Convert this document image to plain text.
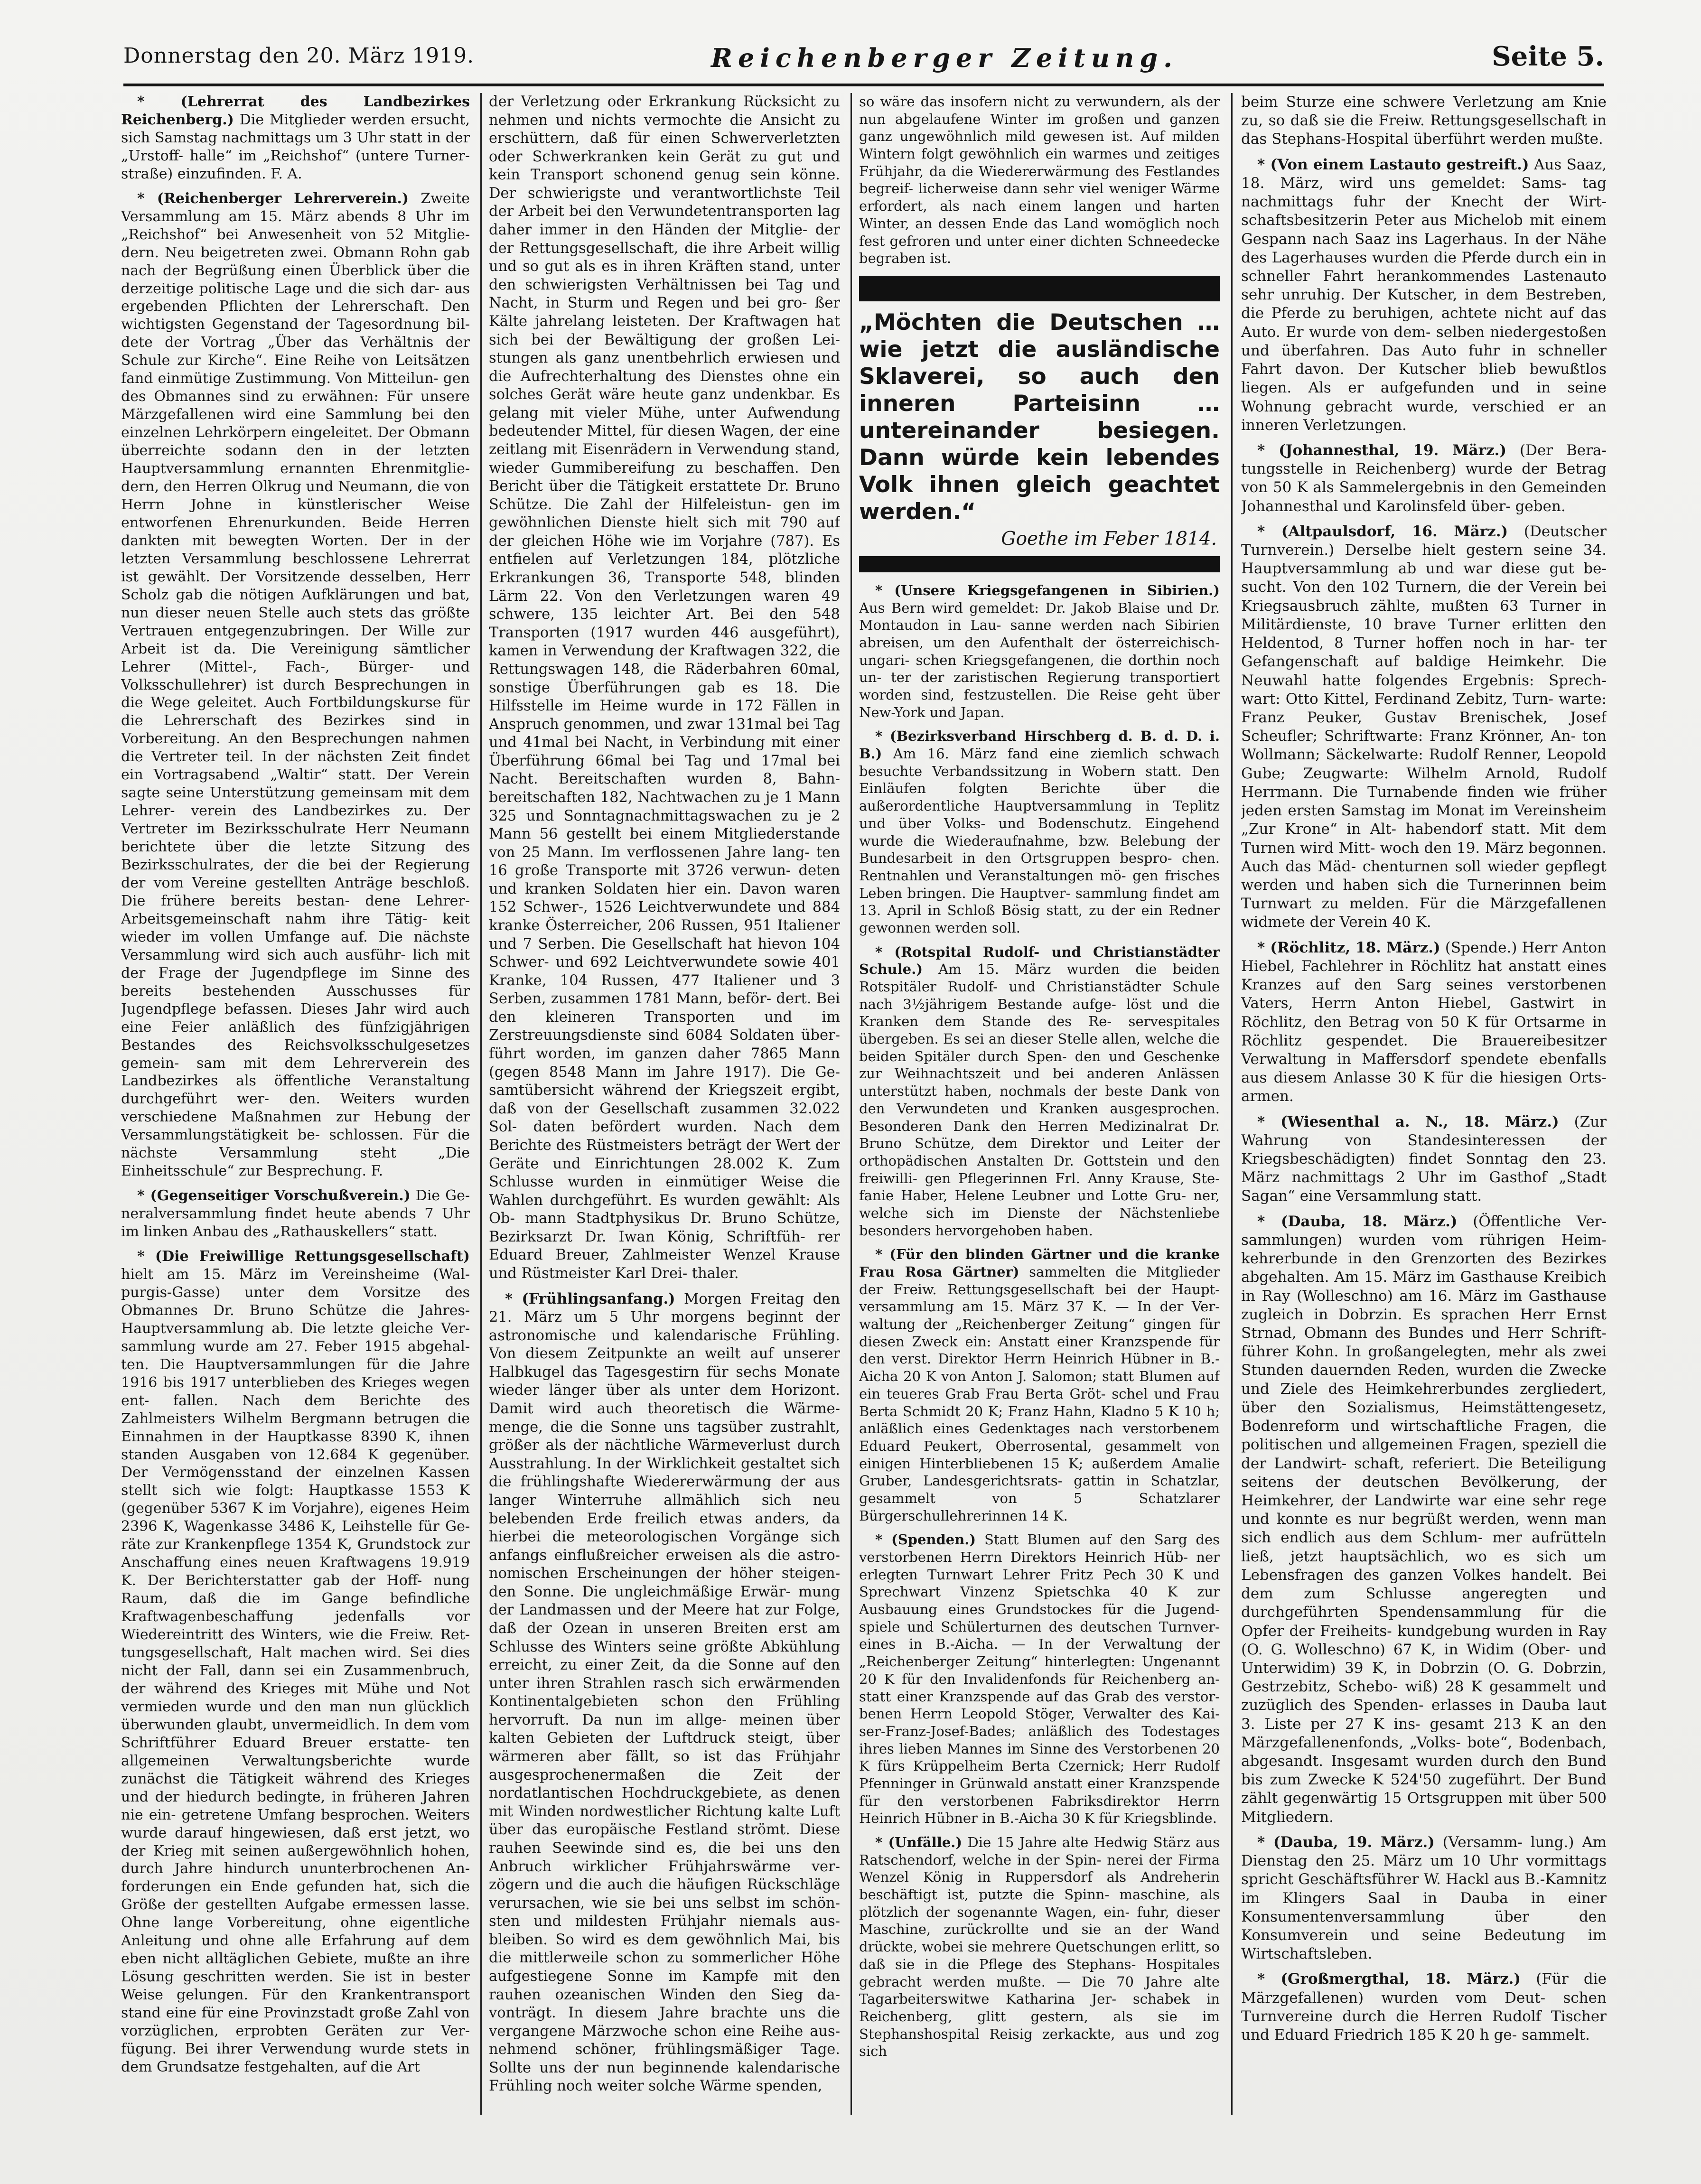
Donnerstag den 20. März 1919.	Reichenberger Zeitung.	Seite 5.

* (Lehrerrat des Landbezirkes Reichenberg.) Die Mitglieder werden ersucht, sich Samstag nachmittags um 3 Uhr statt in der „Urstoff- halle“ im „Reichshof“ (untere Turner- straße) einzufinden. F. A.

* (Reichenberger Lehrerverein.) Zweite Versammlung am 15. März abends 8 Uhr im „Reichshof“ bei Anwesenheit von 52 Mitglie- dern. Neu beigetreten zwei. Obmann Rohn gab nach der Begrüßung einen Überblick über die derzeitige politische Lage und die sich dar- aus ergebenden Pflichten der Lehrerschaft. Den wichtigsten Gegenstand der Tagesordnung bil- dete der Vortrag „Über das Verhältnis der Schule zur Kirche“. Eine Reihe von Leitsätzen fand einmütige Zustimmung. Von Mitteilun- gen des Obmannes sind zu erwähnen: Für unsere Märzgefallenen wird eine Sammlung bei den einzelnen Lehrkörpern eingeleitet. Der Obmann überreichte sodann den in der letzten Hauptversammlung ernannten Ehrenmitglie- dern, den Herren Olkrug und Neumann, die von Herrn Johne in künstlerischer Weise entworfenen Ehrenurkunden. Beide Herren dankten mit bewegten Worten. Der in der letzten Versammlung beschlossene Lehrerrat ist gewählt. Der Vorsitzende desselben, Herr Scholz gab die nötigen Aufklärungen und bat, nun dieser neuen Stelle auch stets das größte Vertrauen entgegenzubringen. Der Wille zur Arbeit ist da. Die Vereinigung sämtlicher Lehrer (Mittel-, Fach-, Bürger- und Volksschullehrer) ist durch Besprechungen in die Wege geleitet. Auch Fortbildungskurse für die Lehrerschaft des Bezirkes sind in Vorbereitung. An den Besprechungen nahmen die Vertreter teil. In der nächsten Zeit findet ein Vortragsabend „Waltir“ statt. Der Verein sagte seine Unterstützung gemeinsam mit dem Lehrer- verein des Landbezirkes zu. Der Vertreter im Bezirksschulrate Herr Neumann berichtete über die letzte Sitzung des Bezirksschulrates, der die bei der Regierung der vom Vereine gestellten Anträge beschloß. Die frühere bereits bestan- dene Lehrer-Arbeitsgemeinschaft nahm ihre Tätig- keit wieder im vollen Umfange auf. Die nächste Versammlung wird sich auch ausführ- lich mit der Frage der Jugendpflege im Sinne des bereits bestehenden Ausschusses für Jugendpflege befassen. Dieses Jahr wird auch eine Feier anläßlich des fünfzigjährigen Bestandes des Reichsvolksschulgesetzes gemein- sam mit dem Lehrerverein des Landbezirkes als öffentliche Veranstaltung durchgeführt wer- den. Weiters wurden verschiedene Maßnahmen zur Hebung der Versammlungstätigkeit be- schlossen. Für die nächste Versammlung steht „Die Einheitsschule“ zur Besprechung. F.

* (Gegenseitiger Vorschußverein.) Die Ge- neralversammlung findet heute abends 7 Uhr im linken Anbau des „Rathauskellers“ statt.

* (Die Freiwillige Rettungsgesellschaft) hielt am 15. März im Vereinsheime (Wal- purgis-Gasse) unter dem Vorsitze des Obmannes Dr. Bruno Schütze die Jahres- Hauptversammlung ab. Die letzte gleiche Ver- sammlung wurde am 27. Feber 1915 abgehal- ten. Die Hauptversammlungen für die Jahre 1916 bis 1917 unterblieben des Krieges wegen ent- fallen. Nach dem Berichte des Zahlmeisters Wilhelm Bergmann betrugen die Einnahmen in der Hauptkasse 8390 K, ihnen standen Ausgaben von 12.684 K gegenüber. Der Vermögensstand der einzelnen Kassen stellt sich wie folgt: Hauptkasse 1553 K (gegenüber 5367 K im Vorjahre), eigenes Heim 2396 K, Wagenkasse 3486 K, Leihstelle für Ge- räte zur Krankenpflege 1354 K, Grundstock zur Anschaffung eines neuen Kraftwagens 19.919 K. Der Berichterstatter gab der Hoff- nung Raum, daß die im Gange befindliche Kraftwagenbeschaffung jedenfalls vor Wiedereintritt des Winters, wie die Freiw. Ret- tungsgesellschaft, Halt machen wird. Sei dies nicht der Fall, dann sei ein Zusammenbruch, der während des Krieges mit Mühe und Not vermieden wurde und den man nun glücklich überwunden glaubt, unvermeidlich. In dem vom Schriftführer Eduard Breuer erstatte- ten allgemeinen Verwaltungsberichte wurde zunächst die Tätigkeit während des Krieges und der hiedurch bedingte, in früheren Jahren nie ein- getretene Umfang besprochen. Weiters wurde darauf hingewiesen, daß erst jetzt, wo der Krieg mit seinen außergewöhnlich hohen, durch Jahre hindurch ununterbrochenen An- forderungen ein Ende gefunden hat, sich die Größe der gestellten Aufgabe ermessen lasse. Ohne lange Vorbereitung, ohne eigentliche Anleitung und ohne alle Erfahrung auf dem eben nicht alltäglichen Gebiete, mußte an ihre Lösung geschritten werden. Sie ist in bester Weise gelungen. Für den Krankentransport stand eine für eine Provinzstadt große Zahl von vorzüglichen, erprobten Geräten zur Ver- fügung. Bei ihrer Verwendung wurde stets in dem Grundsatze festgehalten, auf die Art

der Verletzung oder Erkrankung Rücksicht zu nehmen und nichts vermochte die Ansicht zu erschüttern, daß für einen Schwerverletzten oder Schwerkranken kein Gerät zu gut und kein Transport schonend genug sein könne. Der schwierigste und verantwortlichste Teil der Arbeit bei den Verwundetentransporten lag daher immer in den Händen der Mitglie- der der Rettungsgesellschaft, die ihre Arbeit willig und so gut als es in ihren Kräften stand, unter den schwierigsten Verhältnissen bei Tag und Nacht, in Sturm und Regen und bei gro- ßer Kälte jahrelang leisteten. Der Kraftwagen hat sich bei der Bewältigung der großen Lei- stungen als ganz unentbehrlich erwiesen und die Aufrechterhaltung des Dienstes ohne ein solches Gerät wäre heute ganz undenkbar. Es gelang mit vieler Mühe, unter Aufwendung bedeutender Mittel, für diesen Wagen, der eine zeitlang mit Eisenrädern in Verwendung stand, wieder Gummibereifung zu beschaffen. Den Bericht über die Tätigkeit erstattete Dr. Bruno Schütze. Die Zahl der Hilfeleistun- gen im gewöhnlichen Dienste hielt sich mit 790 auf der gleichen Höhe wie im Vorjahre (787). Es entfielen auf Verletzungen 184, plötzliche Erkrankungen 36, Transporte 548, blinden Lärm 22. Von den Verletzungen waren 49 schwere, 135 leichter Art. Bei den 548 Transporten (1917 wurden 446 ausgeführt), kamen in Verwendung der Kraftwagen 322, die Rettungswagen 148, die Räderbahren 60mal, sonstige Überführungen gab es 18. Die Hilfsstelle im Heime wurde in 172 Fällen in Anspruch genommen, und zwar 131mal bei Tag und 41mal bei Nacht, in Verbindung mit einer Überführung 66mal bei Tag und 17mal bei Nacht. Bereitschaften wurden 8, Bahn- bereitschaften 182, Nachtwachen zu je 1 Mann 325 und Sonntagnachmittagswachen zu je 2 Mann 56 gestellt bei einem Mitgliederstande von 25 Mann. Im verflossenen Jahre lang- ten 16 große Transporte mit 3726 verwun- deten und kranken Soldaten hier ein. Davon waren 152 Schwer-, 1526 Leichtverwundete und 884 kranke Österreicher, 206 Russen, 951 Italiener und 7 Serben. Die Gesellschaft hat hievon 104 Schwer- und 692 Leichtverwundete sowie 401 Kranke, 104 Russen, 477 Italiener und 3 Serben, zusammen 1781 Mann, beför- dert. Bei den kleineren Transporten und im Zerstreuungsdienste sind 6084 Soldaten über- führt worden, im ganzen daher 7865 Mann (gegen 8548 Mann im Jahre 1917). Die Ge- samtübersicht während der Kriegszeit ergibt, daß von der Gesellschaft zusammen 32.022 Sol- daten befördert wurden. Nach dem Berichte des Rüstmeisters beträgt der Wert der Geräte und Einrichtungen 28.002 K. Zum Schlusse wurden in einmütiger Weise die Wahlen durchgeführt. Es wurden gewählt: Als Ob- mann Stadtphysikus Dr. Bruno Schütze, Bezirksarzt Dr. Iwan König, Schriftfüh- rer Eduard Breuer, Zahlmeister Wenzel Krause und Rüstmeister Karl Drei- thaler.

* (Frühlingsanfang.) Morgen Freitag den 21. März um 5 Uhr morgens beginnt der astronomische und kalendarische Frühling. Von diesem Zeitpunkte an weilt auf unserer Halbkugel das Tagesgestirn für sechs Monate wieder länger über als unter dem Horizont. Damit wird auch theoretisch die Wärme- menge, die die Sonne uns tagsüber zustrahlt, größer als der nächtliche Wärmeverlust durch Ausstrahlung. In der Wirklichkeit gestaltet sich die frühlingshafte Wiedererwärmung der aus langer Winterruhe allmählich sich neu belebenden Erde freilich etwas anders, da hierbei die meteorologischen Vorgänge sich anfangs einflußreicher erweisen als die astro- nomischen Erscheinungen der höher steigen- den Sonne. Die ungleichmäßige Erwär- mung der Landmassen und der Meere hat zur Folge, daß der Ozean in unseren Breiten erst am Schlusse des Winters seine größte Abkühlung erreicht, zu einer Zeit, da die Sonne auf den unter ihren Strahlen rasch sich erwärmenden Kontinentalgebieten schon den Frühling hervorruft. Da nun im allge- meinen über kalten Gebieten der Luftdruck steigt, über wärmeren aber fällt, so ist das Frühjahr ausgesprochenermaßen die Zeit der nordatlantischen Hochdruckgebiete, as denen mit Winden nordwestlicher Richtung kalte Luft über das europäische Festland strömt. Diese rauhen Seewinde sind es, die bei uns den Anbruch wirklicher Frühjahrswärme ver- zögern und die auch die häufigen Rückschläge verursachen, wie sie bei uns selbst im schön- sten und mildesten Frühjahr niemals aus- bleiben. So wird es dem gewöhnlich Mai, bis die mittlerweile schon zu sommerlicher Höhe aufgestiegene Sonne im Kampfe mit den rauhen ozeanischen Winden den Sieg da- vonträgt. In diesem Jahre brachte uns die vergangene Märzwoche schon eine Reihe aus- nehmend schöner, frühlingsmäßiger Tage. Sollte uns der nun beginnende kalendarische Frühling noch weiter solche Wärme spenden,

so wäre das insofern nicht zu verwundern, als der nun abgelaufene Winter im großen und ganzen ganz ungewöhnlich mild gewesen ist. Auf milden Wintern folgt gewöhnlich ein warmes und zeitiges Frühjahr, da die Wiedererwärmung des Festlandes begreif- licherweise dann sehr viel weniger Wärme erfordert, als nach einem langen und harten Winter, an dessen Ende das Land womöglich noch fest gefroren und unter einer dichten Schneedecke begraben ist.

„Möchten die Deutschen … wie jetzt die ausländische Sklaverei, so auch den inneren Parteisinn … untereinander besiegen. Dann würde kein lebendes Volk ihnen gleich geachtet werden.“

Goethe im Feber 1814.

* (Unsere Kriegsgefangenen in Sibirien.) Aus Bern wird gemeldet: Dr. Jakob Blaise und Dr. Montaudon in Lau- sanne werden nach Sibirien abreisen, um den Aufenthalt der österreichisch-ungari- schen Kriegsgefangenen, die dorthin noch un- ter der zaristischen Regierung transportiert worden sind, festzustellen. Die Reise geht über New-York und Japan.

* (Bezirksverband Hirschberg d. B. d. D. i. B.) Am 16. März fand eine ziemlich schwach besuchte Verbandssitzung in Wobern statt. Den Einläufen folgten Berichte über die außerordentliche Hauptversammlung in Teplitz und über Volks- und Bodenschutz. Eingehend wurde die Wiederaufnahme, bzw. Belebung der Bundesarbeit in den Ortsgruppen bespro- chen. Rentnahlen und Veranstaltungen mö- gen frisches Leben bringen. Die Hauptver- sammlung findet am 13. April in Schloß Bösig statt, zu der ein Redner gewonnen werden soll.

* (Rotspital Rudolf- und Christianstädter Schule.) Am 15. März wurden die beiden Rotspitäler Rudolf- und Christianstädter Schule nach 3½jährigem Bestande aufge- löst und die Kranken dem Stande des Re- servespitales übergeben. Es sei an dieser Stelle allen, welche die beiden Spitäler durch Spen- den und Geschenke zur Weihnachtszeit und bei anderen Anlässen unterstützt haben, nochmals der beste Dank von den Verwundeten und Kranken ausgesprochen. Besonderen Dank den Herren Medizinalrat Dr. Bruno Schütze, dem Direktor und Leiter der orthopädischen Anstalten Dr. Gottstein und den freiwilli- gen Pflegerinnen Frl. Anny Krause, Ste- fanie Haber, Helene Leubner und Lotte Gru- ner, welche sich im Dienste der Nächstenliebe besonders hervorgehoben haben.

* (Für den blinden Gärtner und die kranke Frau Rosa Gärtner) sammelten die Mitglieder der Freiw. Rettungsgesellschaft bei der Haupt- versammlung am 15. März 37 K. — In der Ver- waltung der „Reichenberger Zeitung“ gingen für diesen Zweck ein: Anstatt einer Kranzspende für den verst. Direktor Herrn Heinrich Hübner in B.-Aicha 20 K von Anton J. Salomon; statt Blumen auf ein teueres Grab Frau Berta Gröt- schel und Frau Berta Schmidt 20 K; Franz Hahn, Kladno 5 K 10 h; anläßlich eines Gedenktages nach verstorbenem Eduard Peukert, Oberrosental, gesammelt von einigen Hinterbliebenen 15 K; außerdem Amalie Gruber, Landesgerichtsrats- gattin in Schatzlar, gesammelt von 5 Schatzlarer Bürgerschullehrerinnen 14 K.

* (Spenden.) Statt Blumen auf den Sarg des verstorbenen Herrn Direktors Heinrich Hüb- ner erlegten Turnwart Lehrer Fritz Pech 30 K und Sprechwart Vinzenz Spietschka 40 K zur Ausbauung eines Grundstockes für die Jugend- spiele und Schülerturnen des deutschen Turnver- eines in B.-Aicha. — In der Verwaltung der „Reichenberger Zeitung“ hinterlegten: Ungenannt 20 K für den Invalidenfonds für Reichenberg an- statt einer Kranzspende auf das Grab des verstor- benen Herrn Leopold Stöger, Verwalter des Kai- ser-Franz-Josef-Bades; anläßlich des Todestages ihres lieben Mannes im Sinne des Verstorbenen 20 K fürs Krüppelheim Berta Czernick; Herr Rudolf Pfenninger in Grünwald anstatt einer Kranzspende für den verstorbenen Fabriksdirektor Herrn Heinrich Hübner in B.-Aicha 30 K für Kriegsblinde.

* (Unfälle.) Die 15 Jahre alte Hedwig Stärz aus Ratschendorf, welche in der Spin- nerei der Firma Wenzel König in Ruppersdorf als Andreherin beschäftigt ist, putzte die Spinn- maschine, als plötzlich der sogenannte Wagen, ein- fuhr, dieser Maschine, zurückrollte und sie an der Wand drückte, wobei sie mehrere Quetschungen erlitt, so daß sie in die Pflege des Stephans- Hospitales gebracht werden mußte. — Die 70 Jahre alte Tagarbeiterswitwe Katharina Jer- schabek in Reichenberg, glitt gestern, als sie im Stephanshospital Reisig zerkackte, aus und zog sich

beim Sturze eine schwere Verletzung am Knie zu, so daß sie die Freiw. Rettungsgesellschaft in das Stephans-Hospital überführt werden mußte.

* (Von einem Lastauto gestreift.) Aus Saaz, 18. März, wird uns gemeldet: Sams- tag nachmittags fuhr der Knecht der Wirt- schaftsbesitzerin Peter aus Michelob mit einem Gespann nach Saaz ins Lagerhaus. In der Nähe des Lagerhauses wurden die Pferde durch ein in schneller Fahrt herankommendes Lastenauto sehr unruhig. Der Kutscher, in dem Bestreben, die Pferde zu beruhigen, achtete nicht auf das Auto. Er wurde von dem- selben niedergestoßen und überfahren. Das Auto fuhr in schneller Fahrt davon. Der Kutscher blieb bewußtlos liegen. Als er aufgefunden und in seine Wohnung gebracht wurde, verschied er an inneren Verletzungen.

* (Johannesthal, 19. März.) (Der Bera- tungsstelle in Reichenberg) wurde der Betrag von 50 K als Sammelergebnis in den Gemeinden Johannesthal und Karolinsfeld über- geben.

* (Altpaulsdorf, 16. März.) (Deutscher Turnverein.) Derselbe hielt gestern seine 34. Hauptversammlung ab und war diese gut be- sucht. Von den 102 Turnern, die der Verein bei Kriegsausbruch zählte, mußten 63 Turner in Militärdienste, 10 brave Turner erlitten den Heldentod, 8 Turner hoffen noch in har- ter Gefangenschaft auf baldige Heimkehr. Die Neuwahl hatte folgendes Ergebnis: Sprech- wart: Otto Kittel, Ferdinand Zebitz, Turn- warte: Franz Peuker, Gustav Brenischek, Josef Scheufler; Schriftwarte: Franz Krönner, An- ton Wollmann; Säckelwarte: Rudolf Renner, Leopold Gube; Zeugwarte: Wilhelm Arnold, Rudolf Herrmann. Die Turnabende finden wie früher jeden ersten Samstag im Monat im Vereinsheim „Zur Krone“ in Alt- habendorf statt. Mit dem Turnen wird Mitt- woch den 19. März begonnen. Auch das Mäd- chenturnen soll wieder gepflegt werden und haben sich die Turnerinnen beim Turnwart zu melden. Für die Märzgefallenen widmete der Verein 40 K.

* (Röchlitz, 18. März.) (Spende.) Herr Anton Hiebel, Fachlehrer in Röchlitz hat anstatt eines Kranzes auf den Sarg seines verstorbenen Vaters, Herrn Anton Hiebel, Gastwirt in Röchlitz, den Betrag von 50 K für Ortsarme in Röchlitz gespendet. Die Brauereibesitzer Verwaltung in Maffersdorf spendete ebenfalls aus diesem Anlasse 30 K für die hiesigen Orts- armen.

* (Wiesenthal a. N., 18. März.) (Zur Wahrung von Standesinteressen der Kriegsbeschädigten) findet Sonntag den 23. März nachmittags 2 Uhr im Gasthof „Stadt Sagan“ eine Versammlung statt.

* (Dauba, 18. März.) (Öffentliche Ver- sammlungen) wurden vom rührigen Heim- kehrerbunde in den Grenzorten des Bezirkes abgehalten. Am 15. März im Gasthause Kreibich in Ray (Wolleschno) am 16. März im Gasthause zugleich in Dobrzin. Es sprachen Herr Ernst Strnad, Obmann des Bundes und Herr Schrift- führer Kohn. In großangelegten, mehr als zwei Stunden dauernden Reden, wurden die Zwecke und Ziele des Heimkehrerbundes zergliedert, über den Sozialismus, Heimstättengesetz, Bodenreform und wirtschaftliche Fragen, die politischen und allgemeinen Fragen, speziell die der Landwirt- schaft, referiert. Die Beteiligung seitens der deutschen Bevölkerung, der Heimkehrer, der Landwirte war eine sehr rege und konnte es nur begrüßt werden, wenn man sich endlich aus dem Schlum- mer aufrütteln ließ, jetzt hauptsächlich, wo es sich um Lebensfragen des ganzen Volkes handelt. Bei dem zum Schlusse angeregten und durchgeführten Spendensammlung für die Opfer der Freiheits- kundgebung wurden in Ray (O. G. Wolleschno) 67 K, in Widim (Ober- und Unterwidim) 39 K, in Dobrzin (O. G. Dobrzin, Gestrzebitz, Schebo- wiß) 28 K gesammelt und zuzüglich des Spenden- erlasses in Dauba laut 3. Liste per 27 K ins- gesamt 213 K an den Märzgefallenenfonds, „Volks- bote“, Bodenbach, abgesandt. Insgesamt wurden durch den Bund bis zum Zwecke K 524'50 zugeführt. Der Bund zählt gegenwärtig 15 Ortsgruppen mit über 500 Mitgliedern.

* (Dauba, 19. März.) (Versamm- lung.) Am Dienstag den 25. März um 10 Uhr vormittags spricht Geschäftsführer W. Hackl aus B.-Kamnitz im Klingers Saal in Dauba in einer Konsumentenversammlung über den Konsumverein und seine Bedeutung im Wirtschaftsleben.

* (Großmergthal, 18. März.) (Für die Märzgefallenen) wurden vom Deut- schen Turnvereine durch die Herren Rudolf Tischer und Eduard Friedrich 185 K 20 h ge- sammelt.
